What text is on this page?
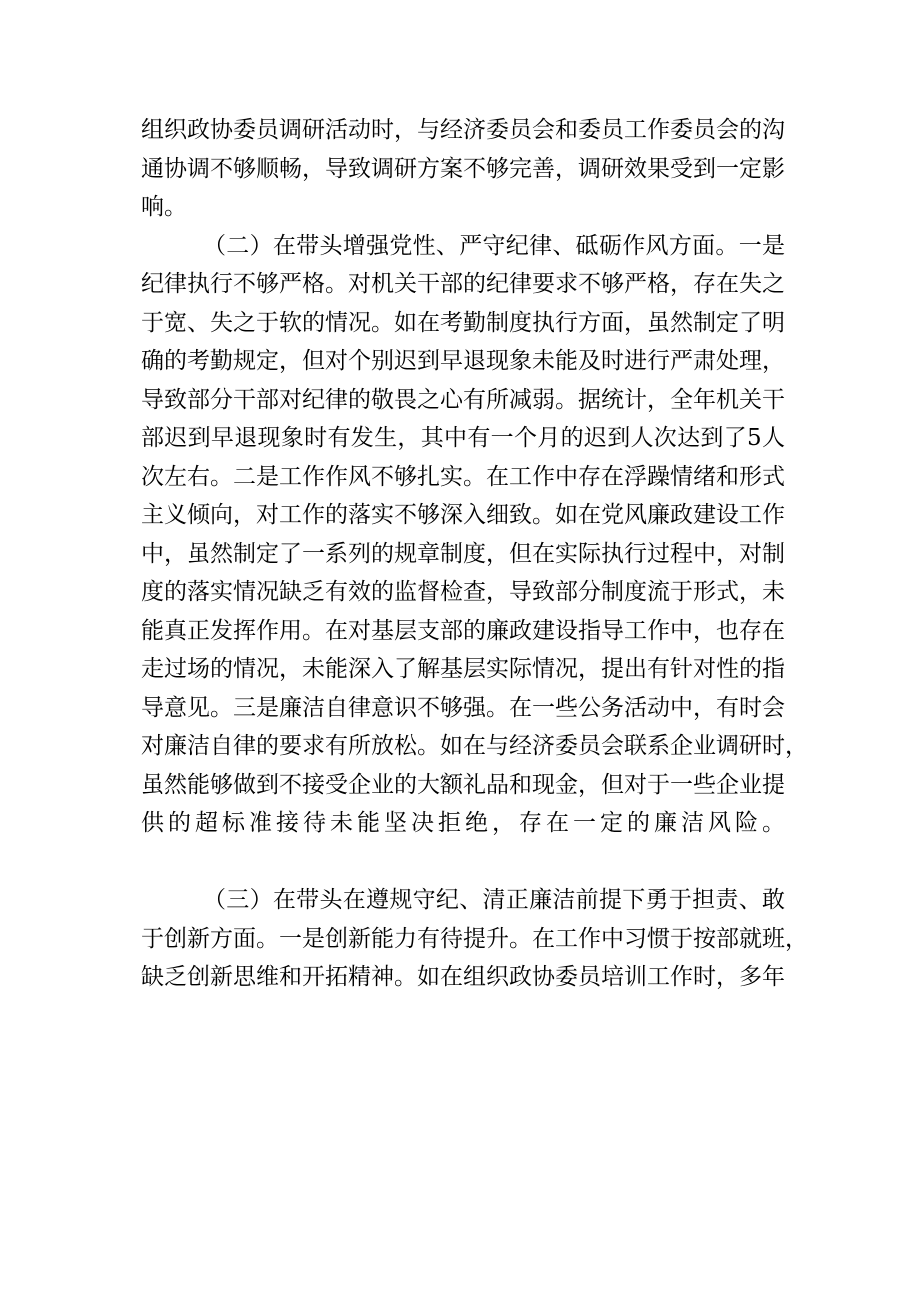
组织政协委员调研活动时，与经济委员会和委员工作委员会的沟
通协调不够顺畅，导致调研方案不够完善，调研效果受到一定影
响。
（二）在带头增强党性、严守纪律、砥砺作风方面。一是
纪律执行不够严格。对机关干部的纪律要求不够严格，存在失之
于宽、失之于软的情况。如在考勤制度执行方面，虽然制定了明
确的考勤规定，但对个别迟到早退现象未能及时进行严肃处理，
导致部分干部对纪律的敬畏之心有所减弱。据统计，全年机关干
部迟到早退现象时有发生，其中有一个月的迟到人次达到了5人
次左右。二是工作作风不够扎实。在工作中存在浮躁情绪和形式
主义倾向，对工作的落实不够深入细致。如在党风廉政建设工作
中，虽然制定了一系列的规章制度，但在实际执行过程中，对制
度的落实情况缺乏有效的监督检查，导致部分制度流于形式，未
能真正发挥作用。在对基层支部的廉政建设指导工作中，也存在
走过场的情况，未能深入了解基层实际情况，提出有针对性的指
导意见。三是廉洁自律意识不够强。在一些公务活动中，有时会
对廉洁自律的要求有所放松。如在与经济委员会联系企业调研时，
虽然能够做到不接受企业的大额礼品和现金，但对于一些企业提
供的超标准接待未能坚决拒绝，存在一定的廉洁风险。
（三）在带头在遵规守纪、清正廉洁前提下勇于担责、敢
于创新方面。一是创新能力有待提升。在工作中习惯于按部就班，
缺乏创新思维和开拓精神。如在组织政协委员培训工作时，多年
